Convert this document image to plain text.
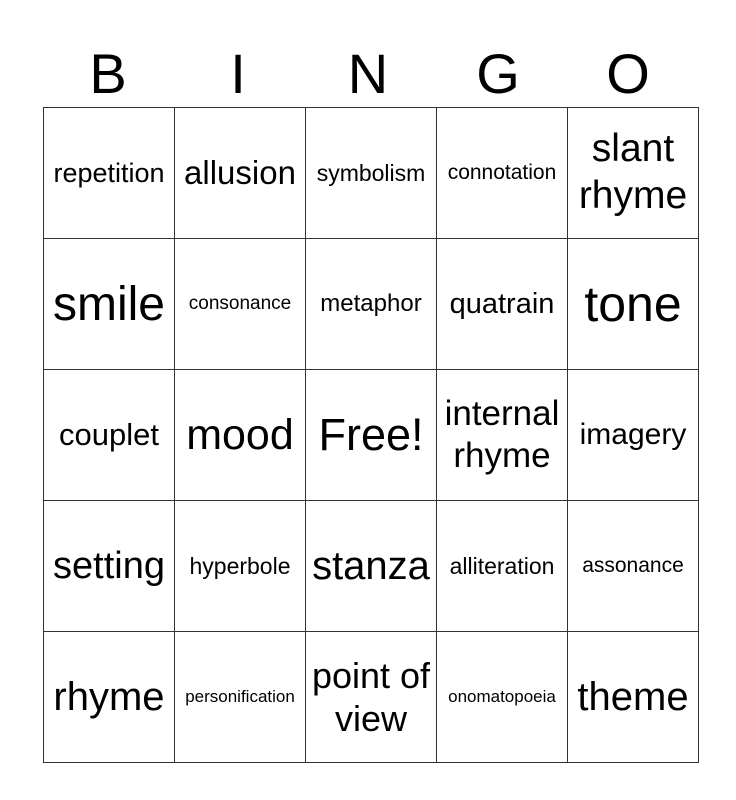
B	I	N	G	O
repetition	allusion	symbolism	connotation	slant rhyme
smile	consonance	metaphor	quatrain	tone
couplet	mood	Free!	internal rhyme	imagery
setting	hyperbole	stanza	alliteration	assonance
rhyme	personification	point of view	onomatopoeia	theme
